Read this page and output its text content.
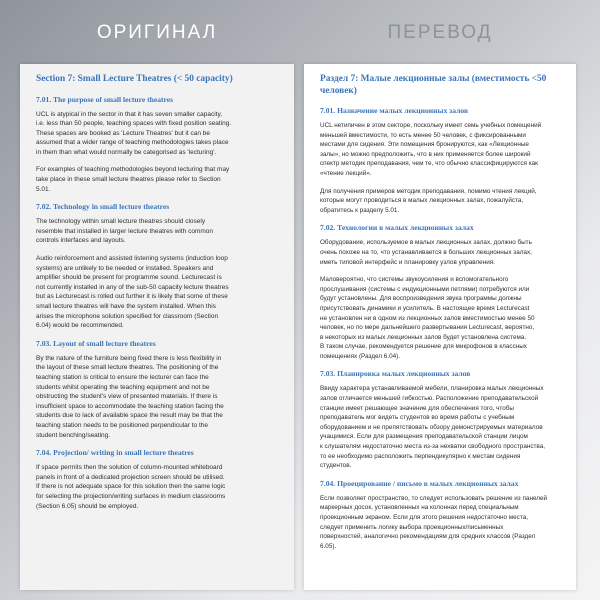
ОРИГИНАЛ	ПЕРЕВОД
Section 7: Small Lecture Theatres (< 50 capacity)
7.01. The purpose of small lecture theatres
UCL is atypical in the sector in that it has seven smaller capacity,
i.e. less than 50 people, teaching spaces with fixed position seating.
These spaces are booked as 'Lecture Theatres' but it can be
assumed that a wider range of teaching methodologies takes place
in them than what would normally be categorised as 'lecturing'.
For examples of teaching methodologies beyond lecturing that may
take place in these small lecture theatres please refer to Section
5.01.
7.02. Technology in small lecture theatres
The technology within small lecture theatres should closely
resemble that installed in larger lecture theatres with common
controls interfaces and layouts.
Audio reinforcement and assisted listening systems (induction loop
systems) are unlikely to be needed or installed. Speakers and
amplifier should be present for programme sound. Lecturecast is
not currently installed in any of the sub-50 capacity lecture theatres
but as Lecturecast is rolled out further it is likely that some of these
small lecture theatres will have the system installed. When this
arises the microphone solution specified for classroom (Section
6.04) would be recommended.
7.03. Layout of small lecture theatres
By the nature of the furniture being fixed there is less flexibility in
the layout of these small lecture theatres. The positioning of the
teaching station is critical to ensure the lecturer can face the
students whilst operating the teaching equipment and not be
obstructing the student's view of presented materials. If there is
insufficient space to accommodate the teaching station facing the
students due to lack of available space the result may be that the
teaching station needs to be positioned perpendicular to the
student benching/seating.
7.04. Projection/ writing in small lecture theatres
If space permits then the solution of column-mounted whiteboard
panels in front of a dedicated projection screen should be utilised.
If there is not adequate space for this solution then the same logic
for selecting the projection/writing surfaces in medium classrooms
(Section 6.05) should be employed.
Раздел 7: Малые лекционные залы (вместимость <50 человек)
7.01. Назначение малых лекционных залов
UCL нетипичен в этом секторе, поскольку имеет семь учебных помещений
меньшей вместимости, то есть менее 50 человек, с фиксированными
местами для сидения. Эти помещения бронируются, как «Лекционные
залы», но можно предположить, что в них применяется более широкий
спектр методик преподавания, чем те, что обычно классифицируются как
«чтение лекций».
Для получения примеров методик преподавания, помимо чтения лекций,
которые могут проводиться в малых лекционных залах, пожалуйста,
обратитесь к разделу 5.01.
7.02. Технологии в малых лекционных залах
Оборудование, используемое в малых лекционных залах, должно быть
очень похоже на то, что устанавливается в больших лекционных залах,
иметь типовой интерфейс и планировку узлов управления.
Маловероятно, что системы звукоусиления и вспомогательного
прослушивания (системы с индукционными петлями) потребуются или
будут установлены. Для воспроизведения звука программы должны
присутствовать динамики и усилитель. В настоящее время Lecturecast
не установлен ни в одном из лекционных залов вместимостью менее 50
человек, но по мере дальнейшего развертывания Lecturecast, вероятно,
в некоторых из малых лекционных залов будет установлена система.
В таком случае, рекомендуется решение для микрофонов в классных
помещениях (Раздел 6.04).
7.03. Планировка малых лекционных залов
Ввиду характера устанавливаемой мебели, планировка малых лекционных
залов отличается меньшей гибкостью. Расположение преподавательской
станции имеет решающее значение для обеспечения того, чтобы
преподаватель мог видеть студентов во время работы с учебным
оборудованием и не препятствовать обзору демонстрируемых материалов
учащимися. Если для размещения преподавательской станции лицом
к слушателям недостаточно места из-за нехватки свободного пространства,
то ее необходимо расположить перпендикулярно к местам сидения
студентов.
7.04. Проецирование / письмо в малых лекционных залах
Если позволяет пространство, то следует использовать решение из панелей
маркерных досок, установленных на колоннах перед специальным
проекционным экраном. Если для этого решения недостаточно места,
следует применить логику выбора проекционных/письменных
поверхностей, аналогично рекомендациям для средних классов (Раздел
6.05).
